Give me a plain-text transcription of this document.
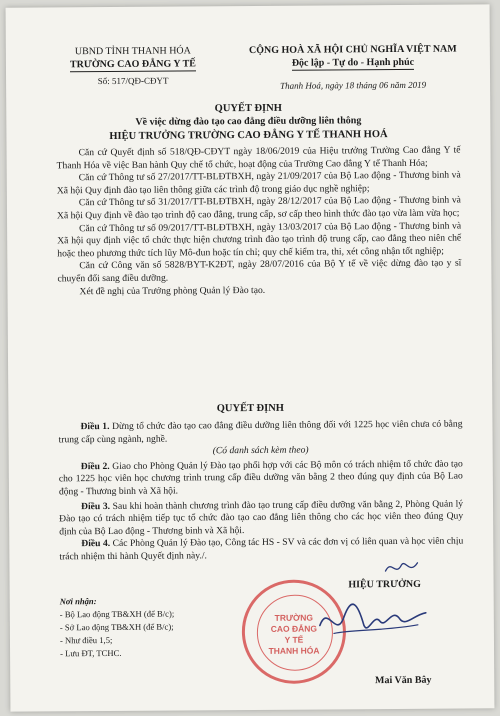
UBND TỈNH THANH HÓA
TRƯỜNG CAO ĐẲNG Y TẾ
Số: 517/QĐ-CĐYT
CỘNG HOÀ XÃ HỘI CHỦ NGHĨA VIỆT NAM
Độc lập - Tự do - Hạnh phúc
Thanh Hoá, ngày 18 tháng 06 năm 2019
QUYẾT ĐỊNH
Về việc dừng đào tạo cao đẳng điều dưỡng liên thông
HIỆU TRƯỞNG TRƯỜNG CAO ĐẲNG Y TẾ THANH HOÁ

Căn cứ Quyết định số 518/QĐ-CĐYT ngày 18/06/2019 của Hiệu trưởng Trường Cao đẳng Y tế Thanh Hóa về việc Ban hành Quy chế tổ chức, hoạt động của Trường Cao đẳng Y tế Thanh Hóa;

Căn cứ Thông tư số 27/2017/TT-BLĐTBXH, ngày 21/09/2017 của Bộ Lao động - Thương binh và Xã hội Quy định đào tạo liên thông giữa các trình độ trong giáo dục nghề nghiệp;

Căn cứ Thông tư số 31/2017/TT-BLĐTBXH, ngày 28/12/2017 của Bộ Lao động - Thương binh và Xã hội Quy định về đào tạo trình độ cao đẳng, trung cấp, sơ cấp theo hình thức đào tạo vừa làm vừa học;

Căn cứ Thông tư số 09/2017/TT-BLĐTBXH, ngày 13/03/2017 của Bộ Lao động - Thương binh và Xã hội quy định việc tổ chức thực hiện chương trình đào tạo trình độ trung cấp, cao đẳng theo niên chế hoặc theo phương thức tích lũy Mô-đun hoặc tín chỉ; quy chế kiểm tra, thi, xét công nhận tốt nghiệp;

Căn cứ Công văn số 5828/BYT-K2ĐT, ngày 28/07/2016 của Bộ Y tế về việc dừng đào tạo y sĩ chuyển đổi sang điều dưỡng.

Xét đề nghị của Trưởng phòng Quản lý Đào tạo.

QUYẾT ĐỊNH

Điều 1. Dừng tổ chức đào tạo cao đẳng điều dưỡng liên thông đối với 1225 học viên chưa có bằng trung cấp cùng ngành, nghề.

(Có danh sách kèm theo)

Điều 2. Giao cho Phòng Quản lý Đào tạo phối hợp với các Bộ môn có trách nhiệm tổ chức đào tạo cho 1225 học viên học chương trình trung cấp điều dưỡng văn bằng 2 theo đúng quy định của Bộ Lao động - Thương binh và Xã hội.

Điều 3. Sau khi hoàn thành chương trình đào tạo trung cấp điều dưỡng văn bằng 2, Phòng Quản lý Đào tạo có trách nhiệm tiếp tục tổ chức đào tạo cao đẳng liên thông cho các học viên theo đúng Quy định của Bộ Lao động - Thương binh và Xã hội.

Điều 4. Các Phòng Quản lý Đào tạo, Công tác HS - SV và các đơn vị có liên quan và học viên chịu trách nhiệm thi hành Quyết định này./.

Nơi nhận:
- Bộ Lao động TB&XH (để B/c);
- Sở Lao động TB&XH (để B/c);
- Như điều 1,5;
- Lưu ĐT, TCHC.
HIỆU TRƯỞNG
TRƯỜNG
CAO ĐẲNG
Y TẾ
THANH HÓA
Mai Văn Bây
